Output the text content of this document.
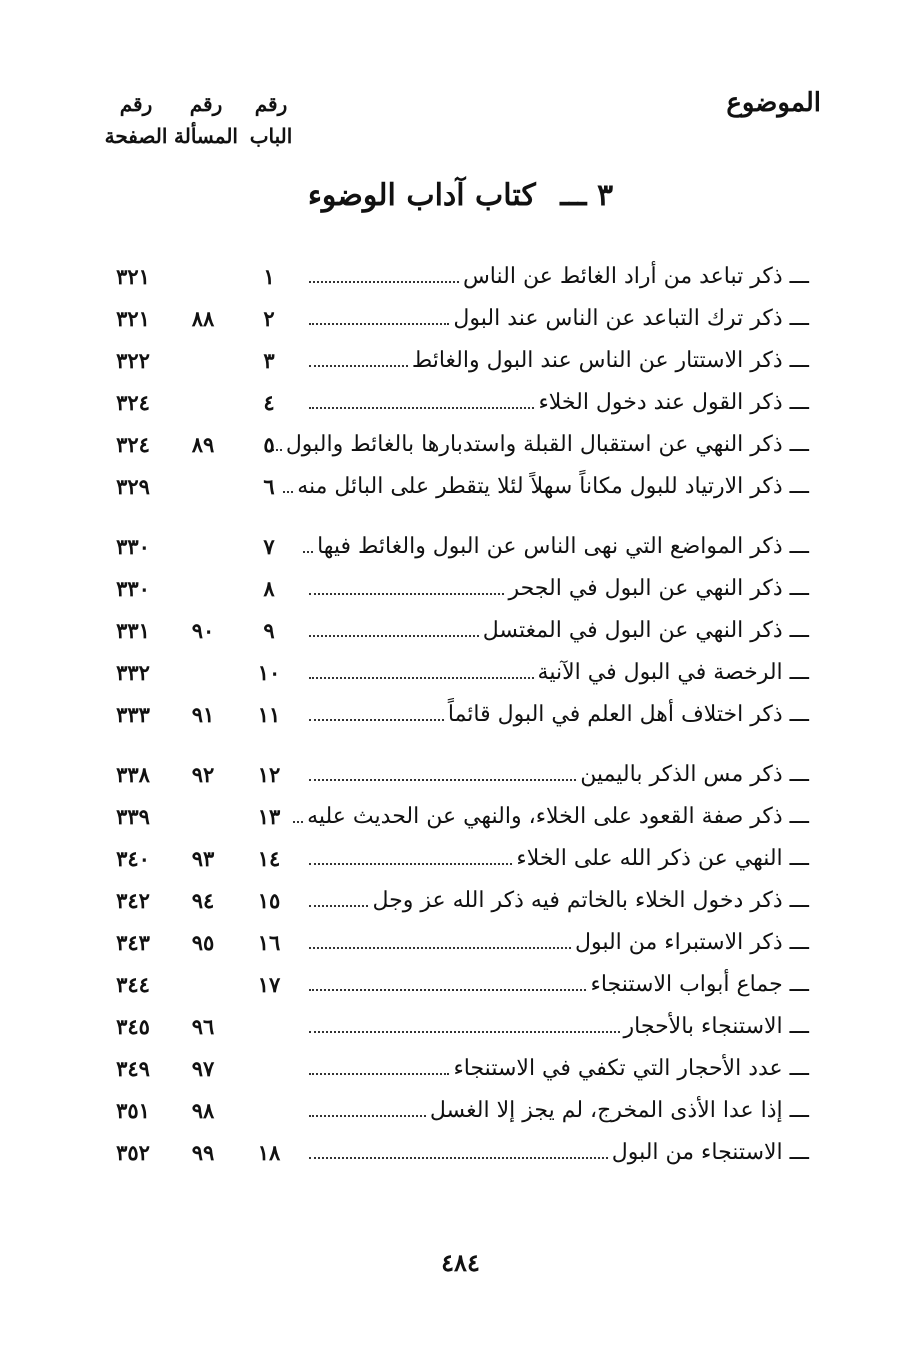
الموضوع
رقم
الباب
رقم
المسألة
رقم
الصفحة
٣ ـــ كتاب آداب الوضوء
ـــ ذكر تباعد من أراد الغائط عن الناس
١
٣٢١
ـــ ذكر ترك التباعد عن الناس عند البول
٢
٨٨
٣٢١
ـــ ذكر الاستتار عن الناس عند البول والغائط
٣
٣٢٢
ـــ ذكر القول عند دخول الخلاء
٤
٣٢٤
ـــ ذكر النهي عن استقبال القبلة واستدبارها بالغائط والبول
٥
٨٩
٣٢٤
ـــ ذكر الارتياد للبول مكاناً سهلاً لئلا يتقطر على البائل منه
٦
٣٢٩
ـــ ذكر المواضع التي نهى الناس عن البول والغائط فيها
٧
٣٣٠
ـــ ذكر النهي عن البول في الجحر
٨
٣٣٠
ـــ ذكر النهي عن البول في المغتسل
٩
٩٠
٣٣١
ـــ الرخصة في البول في الآنية
١٠
٣٣٢
ـــ ذكر اختلاف أهل العلم في البول قائماً
١١
٩١
٣٣٣
ـــ ذكر مس الذكر باليمين
١٢
٩٢
٣٣٨
ـــ ذكر صفة القعود على الخلاء، والنهي عن الحديث عليه
١٣
٣٣٩
ـــ النهي عن ذكر الله على الخلاء
١٤
٩٣
٣٤٠
ـــ ذكر دخول الخلاء بالخاتم فيه ذكر الله عز وجل
١٥
٩٤
٣٤٢
ـــ ذكر الاستبراء من البول
١٦
٩٥
٣٤٣
ـــ جماع أبواب الاستنجاء
١٧
٣٤٤
ـــ الاستنجاء بالأحجار
٩٦
٣٤٥
ـــ عدد الأحجار التي تكفي في الاستنجاء
٩٧
٣٤٩
ـــ إذا عدا الأذى المخرج، لم يجز إلا الغسل
٩٨
٣٥١
ـــ الاستنجاء من البول
١٨
٩٩
٣٥٢
٤٨٤
